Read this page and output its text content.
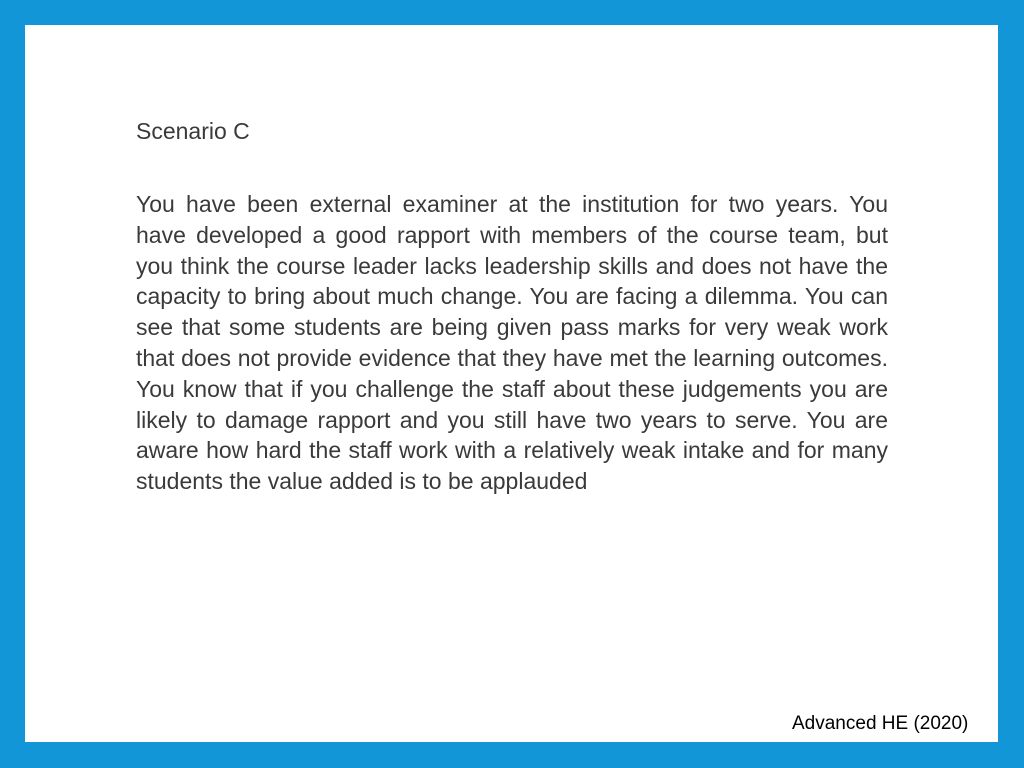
Scenario C

You have been external examiner at the institution for two years. You have developed a good rapport with members of the course team, but you think the course leader lacks leadership skills and does not have the capacity to bring about much change. You are facing a dilemma. You can see that some students are being given pass marks for very weak work that does not provide evidence that they have met the learning outcomes. You know that if you challenge the staff about these judgements you are likely to damage rapport and you still have two years to serve. You are aware how hard the staff work with a relatively weak intake and for many students the value added is to be applauded

Advanced HE (2020)
